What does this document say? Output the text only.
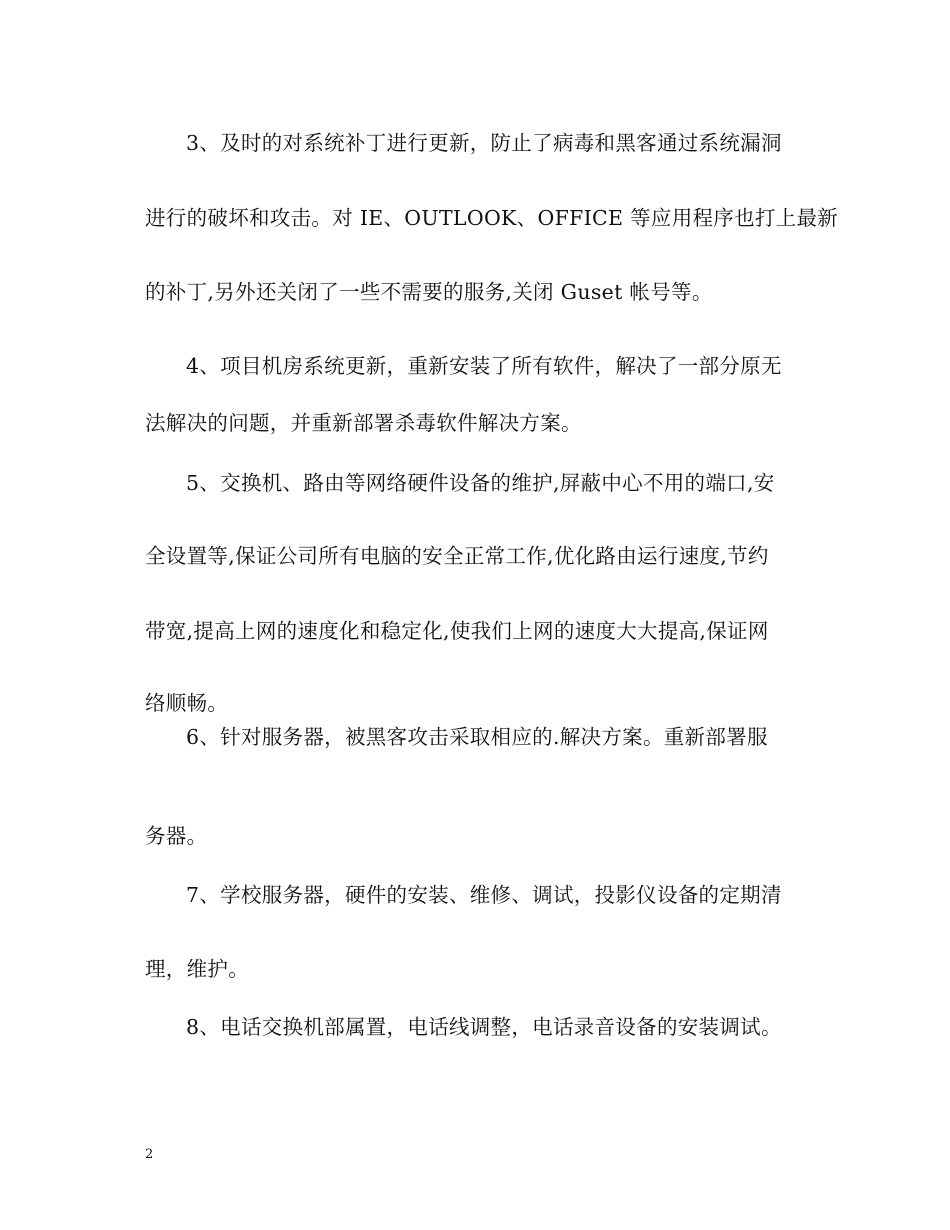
3、及时的对系统补丁进行更新，防止了病毒和黑客通过系统漏洞
进行的破坏和攻击。对 IE、OUTLOOK、OFFICE 等应用程序也打上最新
的补丁,另外还关闭了一些不需要的服务,关闭 Guset 帐号等。
4、项目机房系统更新，重新安装了所有软件，解决了一部分原无
法解决的问题，并重新部署杀毒软件解决方案。
5、交换机、路由等网络硬件设备的维护,屏蔽中心不用的端口,安
全设置等,保证公司所有电脑的安全正常工作,优化路由运行速度,节约
带宽,提高上网的速度化和稳定化,使我们上网的速度大大提高,保证网
络顺畅。
6、针对服务器，被黑客攻击采取相应的.解决方案。重新部署服
务器。
7、学校服务器，硬件的安装、维修、调试，投影仪设备的定期清
理，维护。
8、电话交换机部属置，电话线调整，电话录音设备的安装调试。
2
